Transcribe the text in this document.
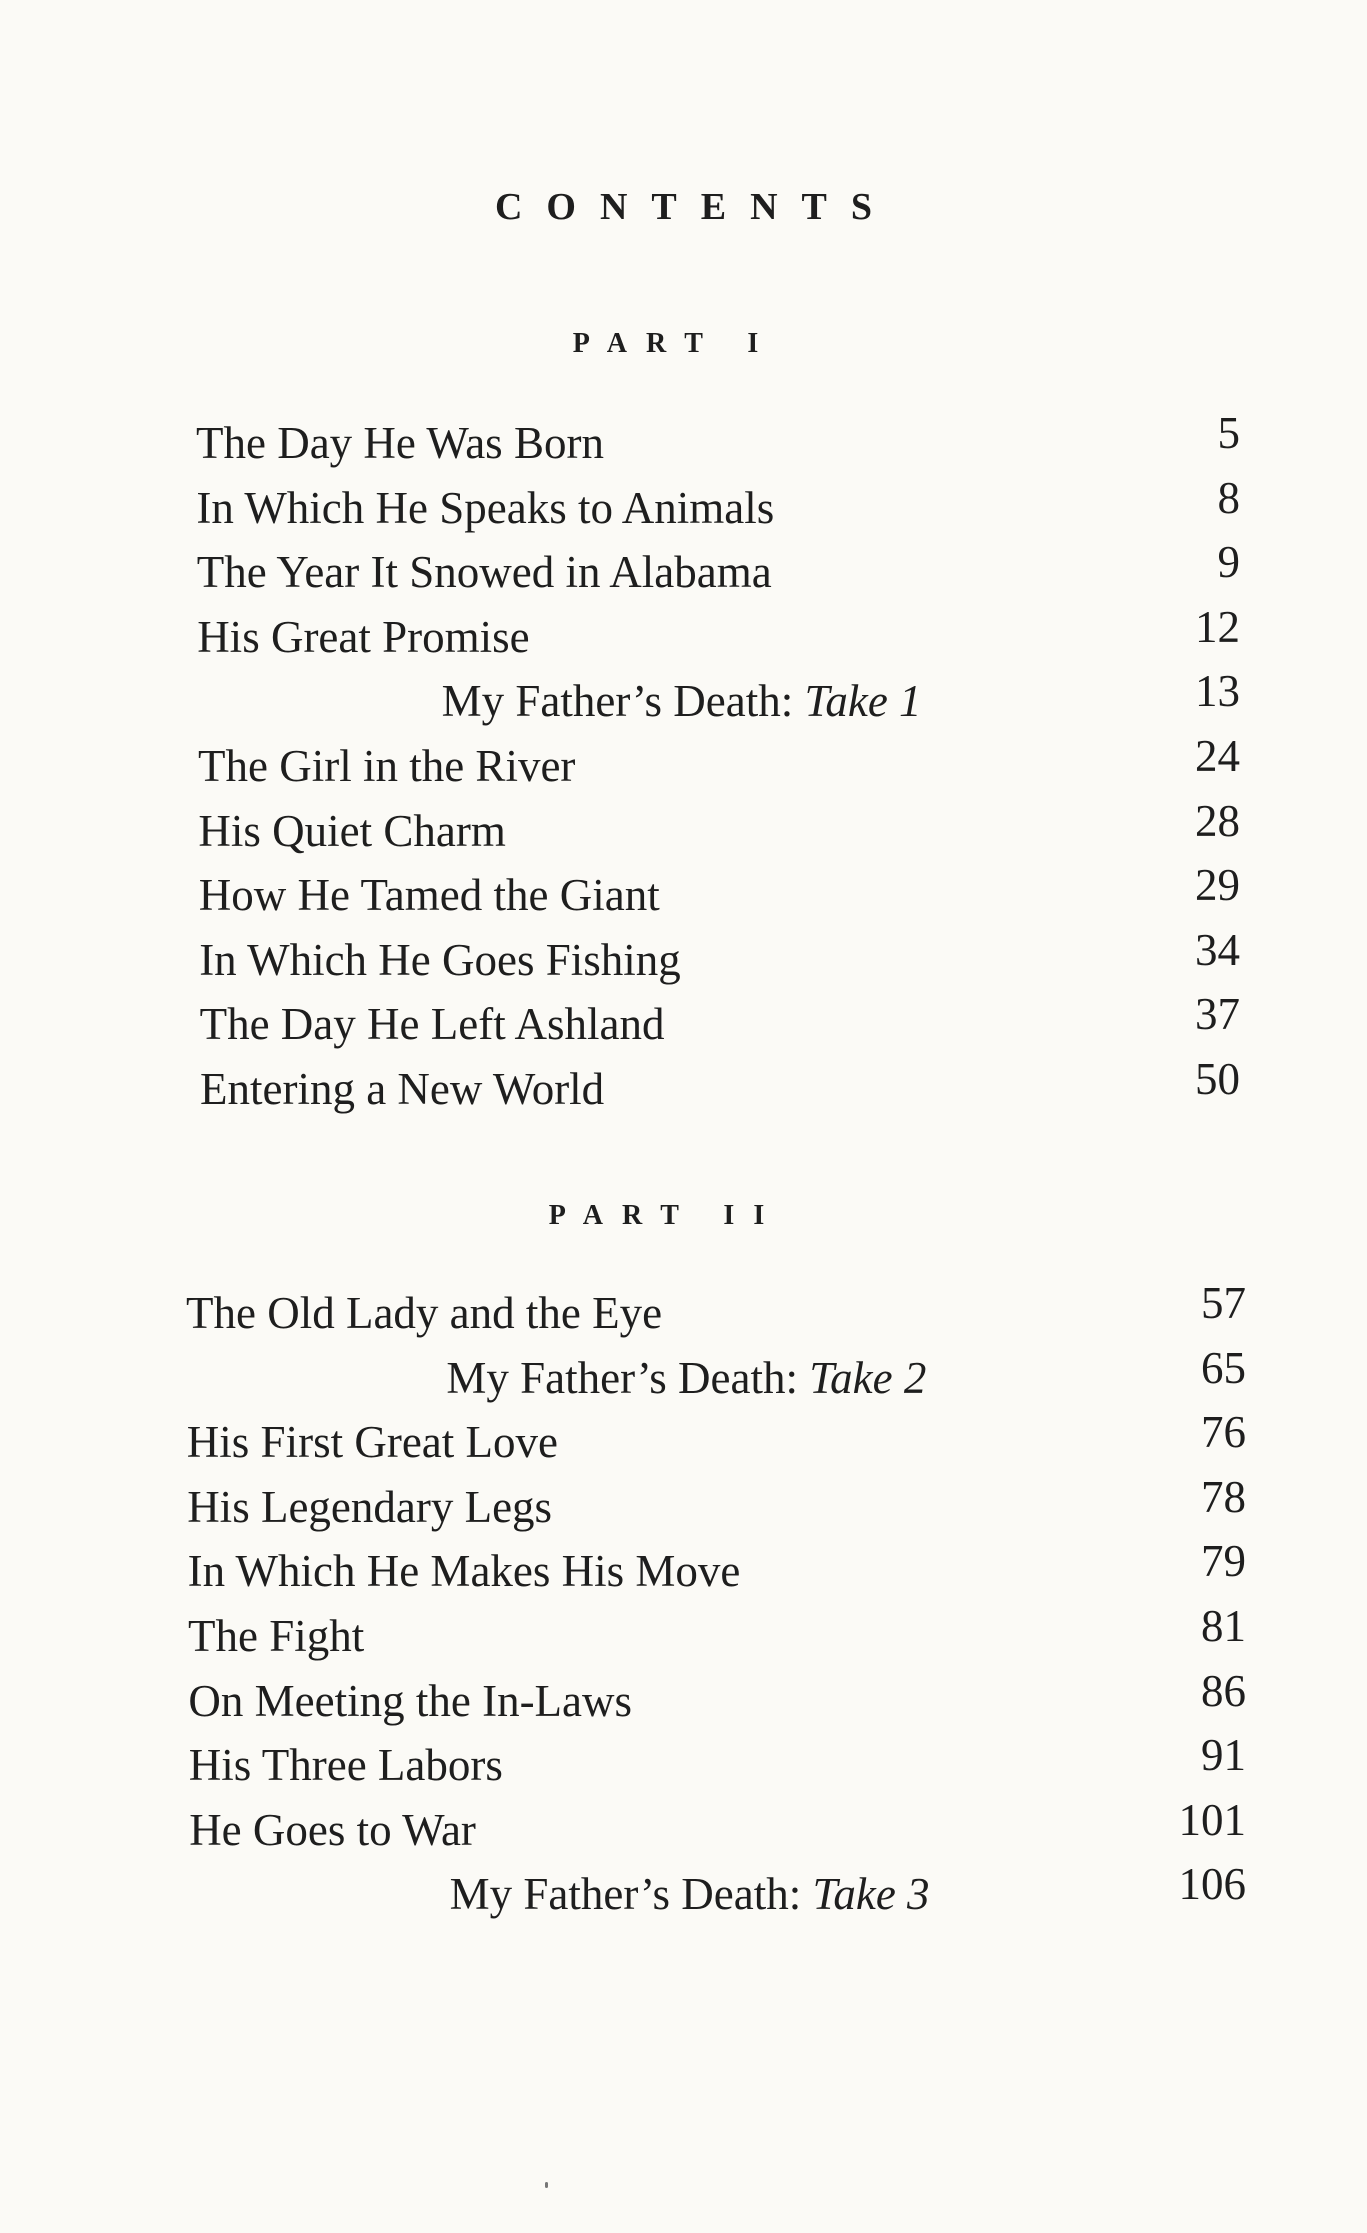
CONTENTS
PART I
The Day He Was Born	5
In Which He Speaks to Animals	8
The Year It Snowed in Alabama	9
His Great Promise	12
My Father’s Death: Take 1	13
The Girl in the River	24
His Quiet Charm	28
How He Tamed the Giant	29
In Which He Goes Fishing	34
The Day He Left Ashland	37
Entering a New World	50
PART II
The Old Lady and the Eye	57
My Father’s Death: Take 2	65
His First Great Love	76
His Legendary Legs	78
In Which He Makes His Move	79
The Fight	81
On Meeting the In-Laws	86
His Three Labors	91
He Goes to War	101
My Father’s Death: Take 3	106
